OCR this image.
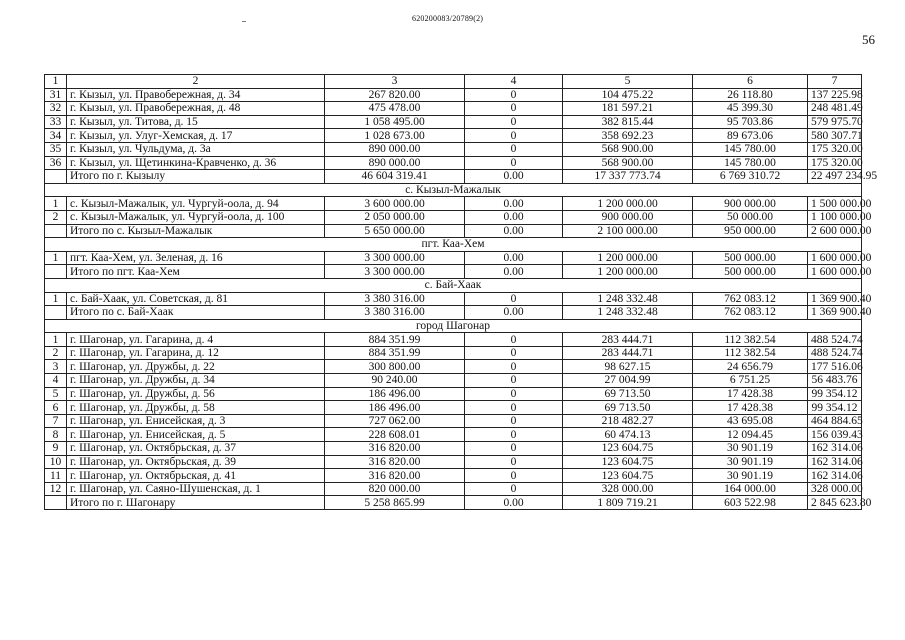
620200083/20789(2)
56
1	2	3	4	5	6	7
31	г. Кызыл, ул. Правобережная, д. 34	267 820.00	0	104 475.22	26 118.80	137 225.98
32	г. Кызыл, ул. Правобережная, д. 48	475 478.00	0	181 597.21	45 399.30	248 481.49
33	г. Кызыл, ул. Титова, д. 15	1 058 495.00	0	382 815.44	95 703.86	579 975.70
34	г. Кызыл, ул. Улуг-Хемская, д. 17	1 028 673.00	0	358 692.23	89 673.06	580 307.71
35	г. Кызыл, ул. Чульдума, д. 3а	890 000.00	0	568 900.00	145 780.00	175 320.00
36	г. Кызыл, ул. Щетинкина-Кравченко, д. 36	890 000.00	0	568 900.00	145 780.00	175 320.00
	Итого по г. Кызылу	46 604 319.41	0.00	17 337 773.74	6 769 310.72	22 497 234.95
с. Кызыл-Мажалык						
1	с. Кызыл-Мажалык, ул. Чургуй-оола, д. 94	3 600 000.00	0.00	1 200 000.00	900 000.00	1 500 000.00
2	с. Кызыл-Мажалык, ул. Чургуй-оола, д. 100	2 050 000.00	0.00	900 000.00	50 000.00	1 100 000.00
	Итого по с. Кызыл-Мажалык	5 650 000.00	0.00	2 100 000.00	950 000.00	2 600 000.00
пгт. Каа-Хем						
1	пгт. Каа-Хем, ул. Зеленая, д. 16	3 300 000.00	0.00	1 200 000.00	500 000.00	1 600 000.00
	Итого по пгт. Каа-Хем	3 300 000.00	0.00	1 200 000.00	500 000.00	1 600 000.00
с. Бай-Хаак						
1	с. Бай-Хаак, ул. Советская, д. 81	3 380 316.00	0	1 248 332.48	762 083.12	1 369 900.40
	Итого по с. Бай-Хаак	3 380 316.00	0.00	1 248 332.48	762 083.12	1 369 900.40
город Шагонар						
1	г. Шагонар, ул. Гагарина, д. 4	884 351.99	0	283 444.71	112 382.54	488 524.74
2	г. Шагонар, ул. Гагарина, д. 12	884 351.99	0	283 444.71	112 382.54	488 524.74
3	г. Шагонар, ул. Дружбы, д. 22	300 800.00	0	98 627.15	24 656.79	177 516.06
4	г. Шагонар, ул. Дружбы, д. 34	90 240.00	0	27 004.99	6 751.25	56 483.76
5	г. Шагонар, ул. Дружбы, д. 56	186 496.00	0	69 713.50	17 428.38	99 354.12
6	г. Шагонар, ул. Дружбы, д. 58	186 496.00	0	69 713.50	17 428.38	99 354.12
7	г. Шагонар, ул. Енисейская, д. 3	727 062.00	0	218 482.27	43 695.08	464 884.65
8	г. Шагонар, ул. Енисейская, д. 5	228 608.01	0	60 474.13	12 094.45	156 039.43
9	г. Шагонар, ул. Октябрьская, д. 37	316 820.00	0	123 604.75	30 901.19	162 314.06
10	г. Шагонар, ул. Октябрьская, д. 39	316 820.00	0	123 604.75	30 901.19	162 314.06
11	г. Шагонар, ул. Октябрьская, д. 41	316 820.00	0	123 604.75	30 901.19	162 314.06
12	г. Шагонар, ул. Саяно-Шушенская, д. 1	820 000.00	0	328 000.00	164 000.00	328 000.00
	Итого по г. Шагонару	5 258 865.99	0.00	1 809 719.21	603 522.98	2 845 623.80
